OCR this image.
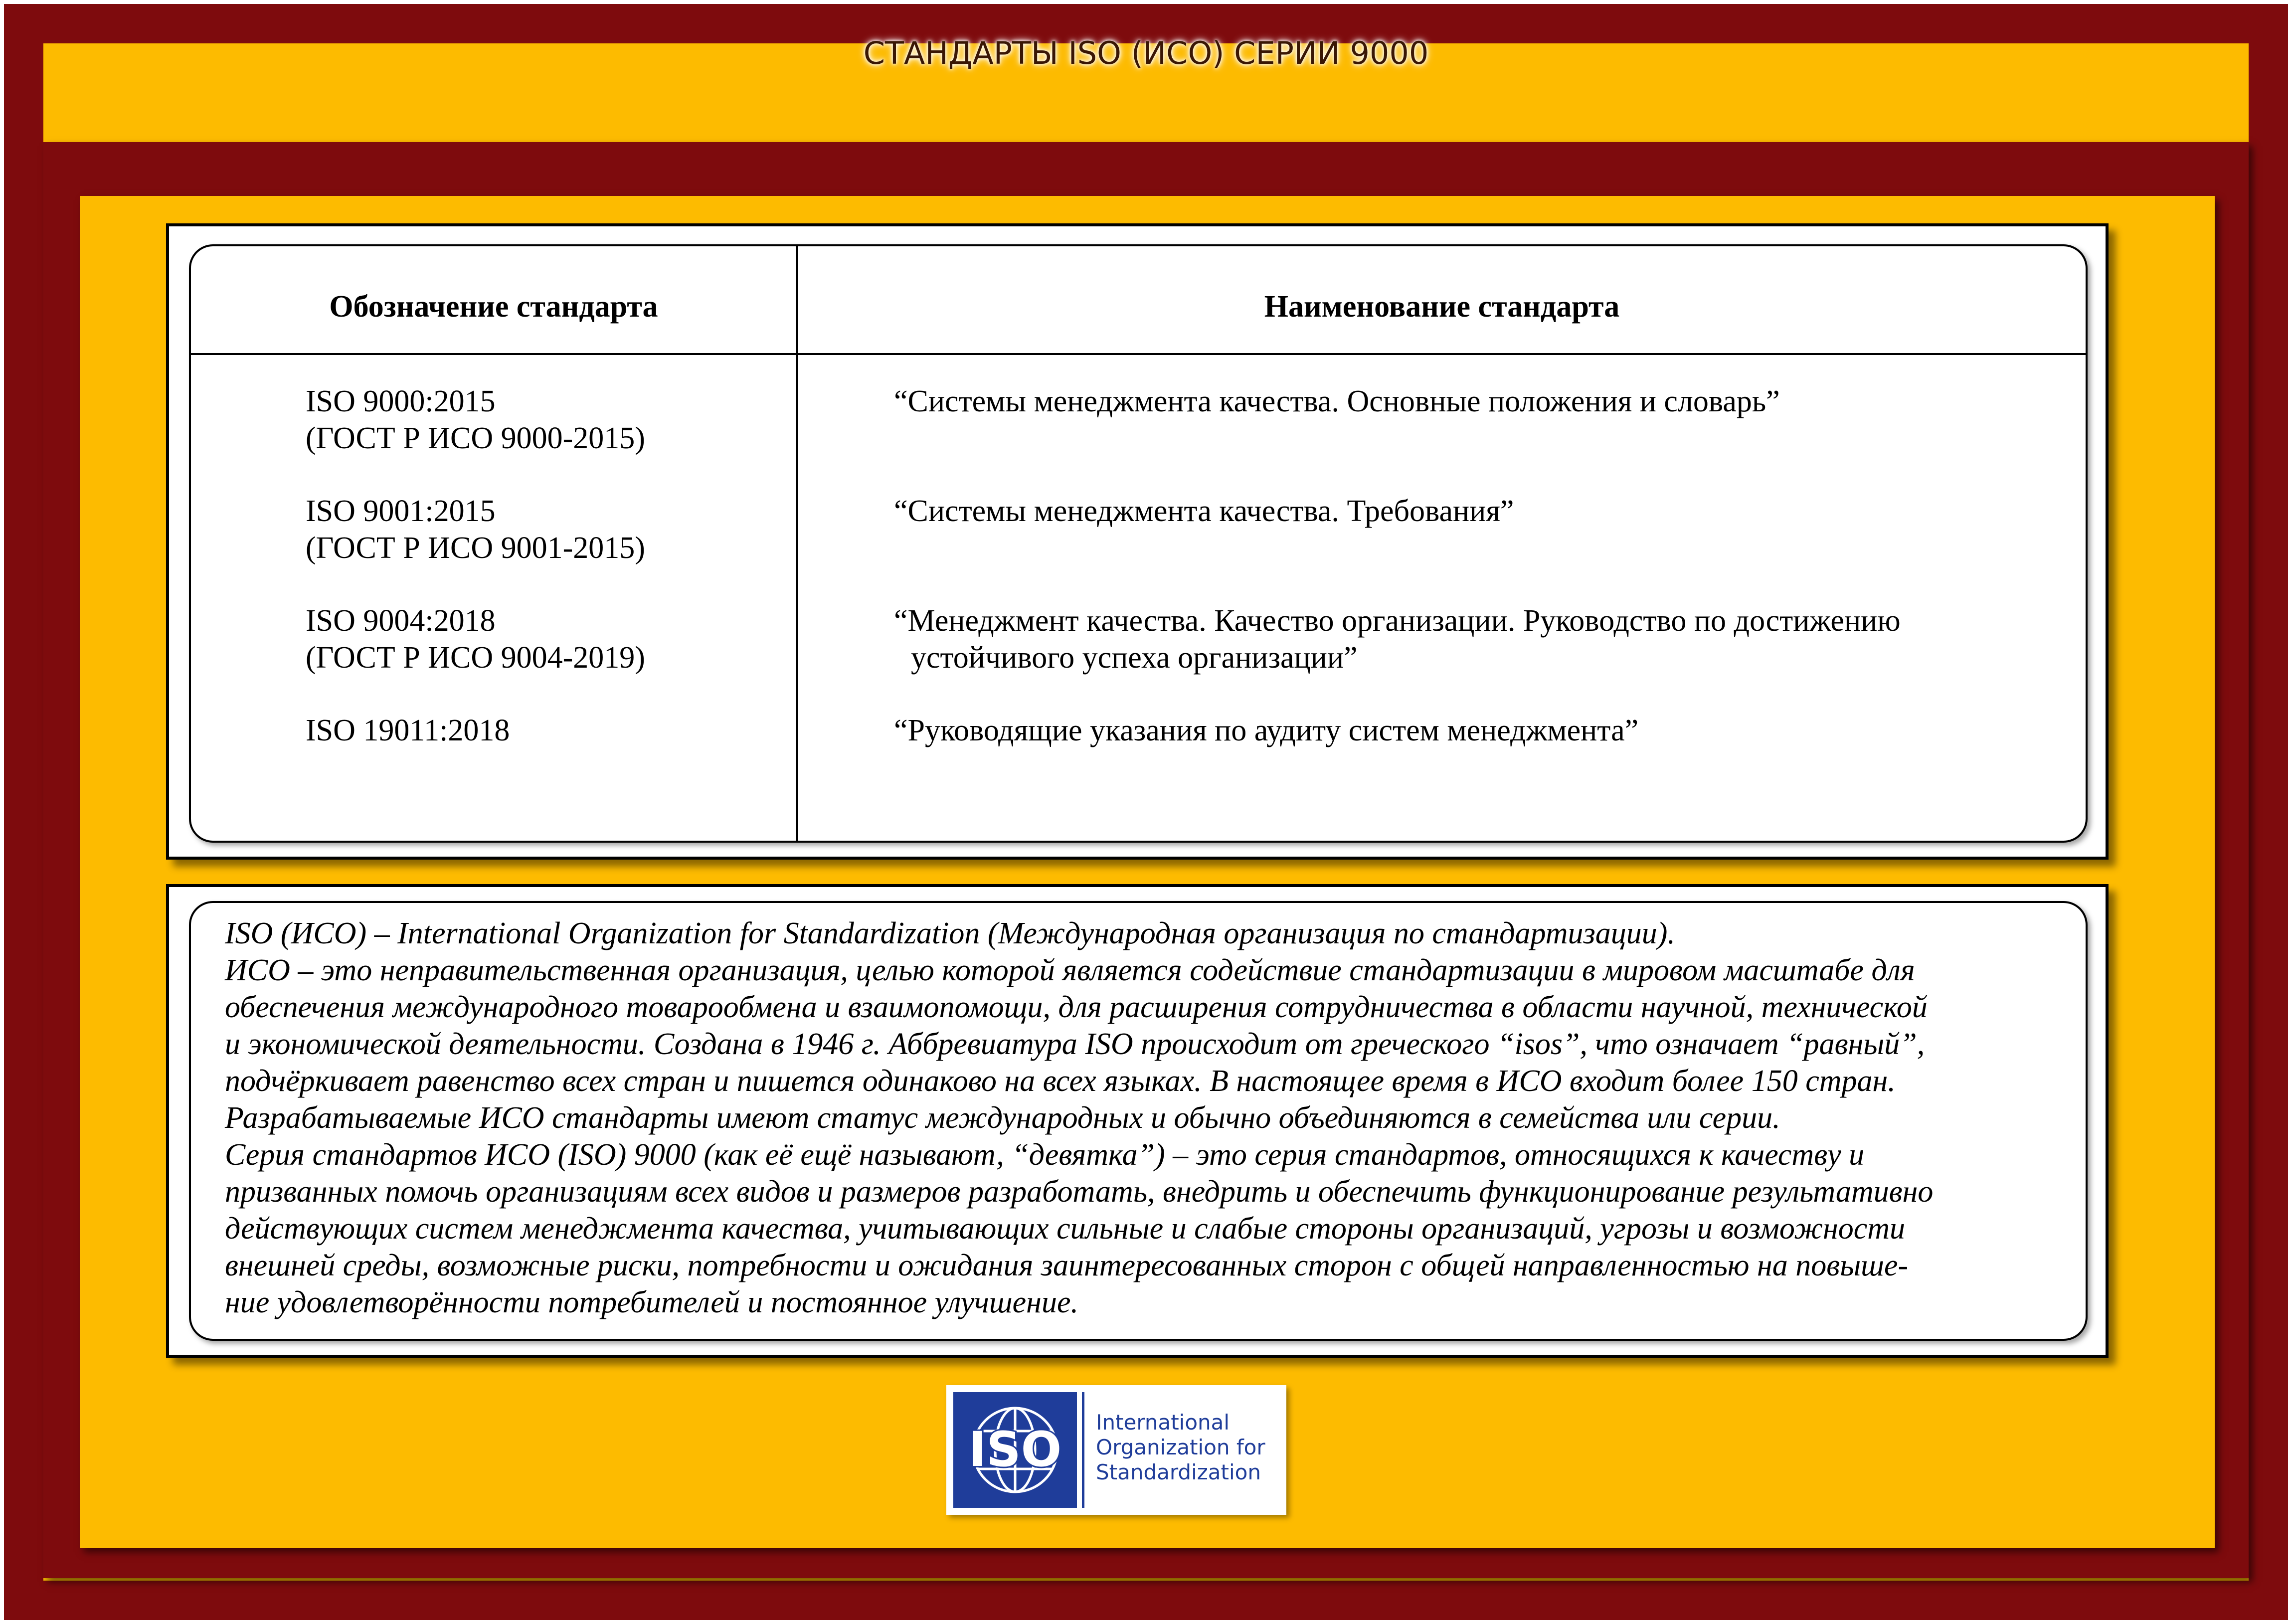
СТАНДАРТЫ ISO (ИСО) СЕРИИ 9000
Обозначение стандарта	Наименование стандарта
ISO 9000:2015
(ГОСТ Р ИСО 9000-2015)
“Системы менеджмента качества. Основные положения и словарь”
ISO 9001:2015
(ГОСТ Р ИСО 9001-2015)
“Системы менеджмента качества. Требования”
ISO 9004:2018
(ГОСТ Р ИСО 9004-2019)
“Менеджмент качества. Качество организации. Руководство по достижению
устойчивого успеха организации”
ISO 19011:2018	“Руководящие указания по аудиту систем менеджмента”

ISO (ИСО) – International Organization for Standardization (Международная организация по стандартизации).

ИСО – это неправительственная организация, целью которой является содействие стандартизации в мировом масштабе для

обеспечения международного товарообмена и взаимопомощи, для расширения сотрудничества в области научной, технической

и экономической деятельности. Создана в 1946 г. Аббревиатура ISO происходит от греческого “isos”, что означает “равный”,

подчёркивает равенство всех стран и пишется одинаково на всех языках. В настоящее время в ИСО входит более 150 стран.

Разрабатываемые ИСО стандарты имеют статус международных и обычно объединяются в семейства или серии.

Серия стандартов ИСО (ISO) 9000 (как её ещё называют, “девятка”) – это серия стандартов, относящихся к качеству и

призванных помочь организациям всех видов и размеров разработать, внедрить и обеспечить функционирование результативно

действующих систем менеджмента качества, учитывающих сильные и слабые стороны организаций, угрозы и возможности

внешней среды, возможные риски, потребности и ожидания заинтересованных сторон с общей направленностью на повыше-

ние удовлетворённости потребителей и постоянное улучшение.

ISO International
Organization for
Standardization
